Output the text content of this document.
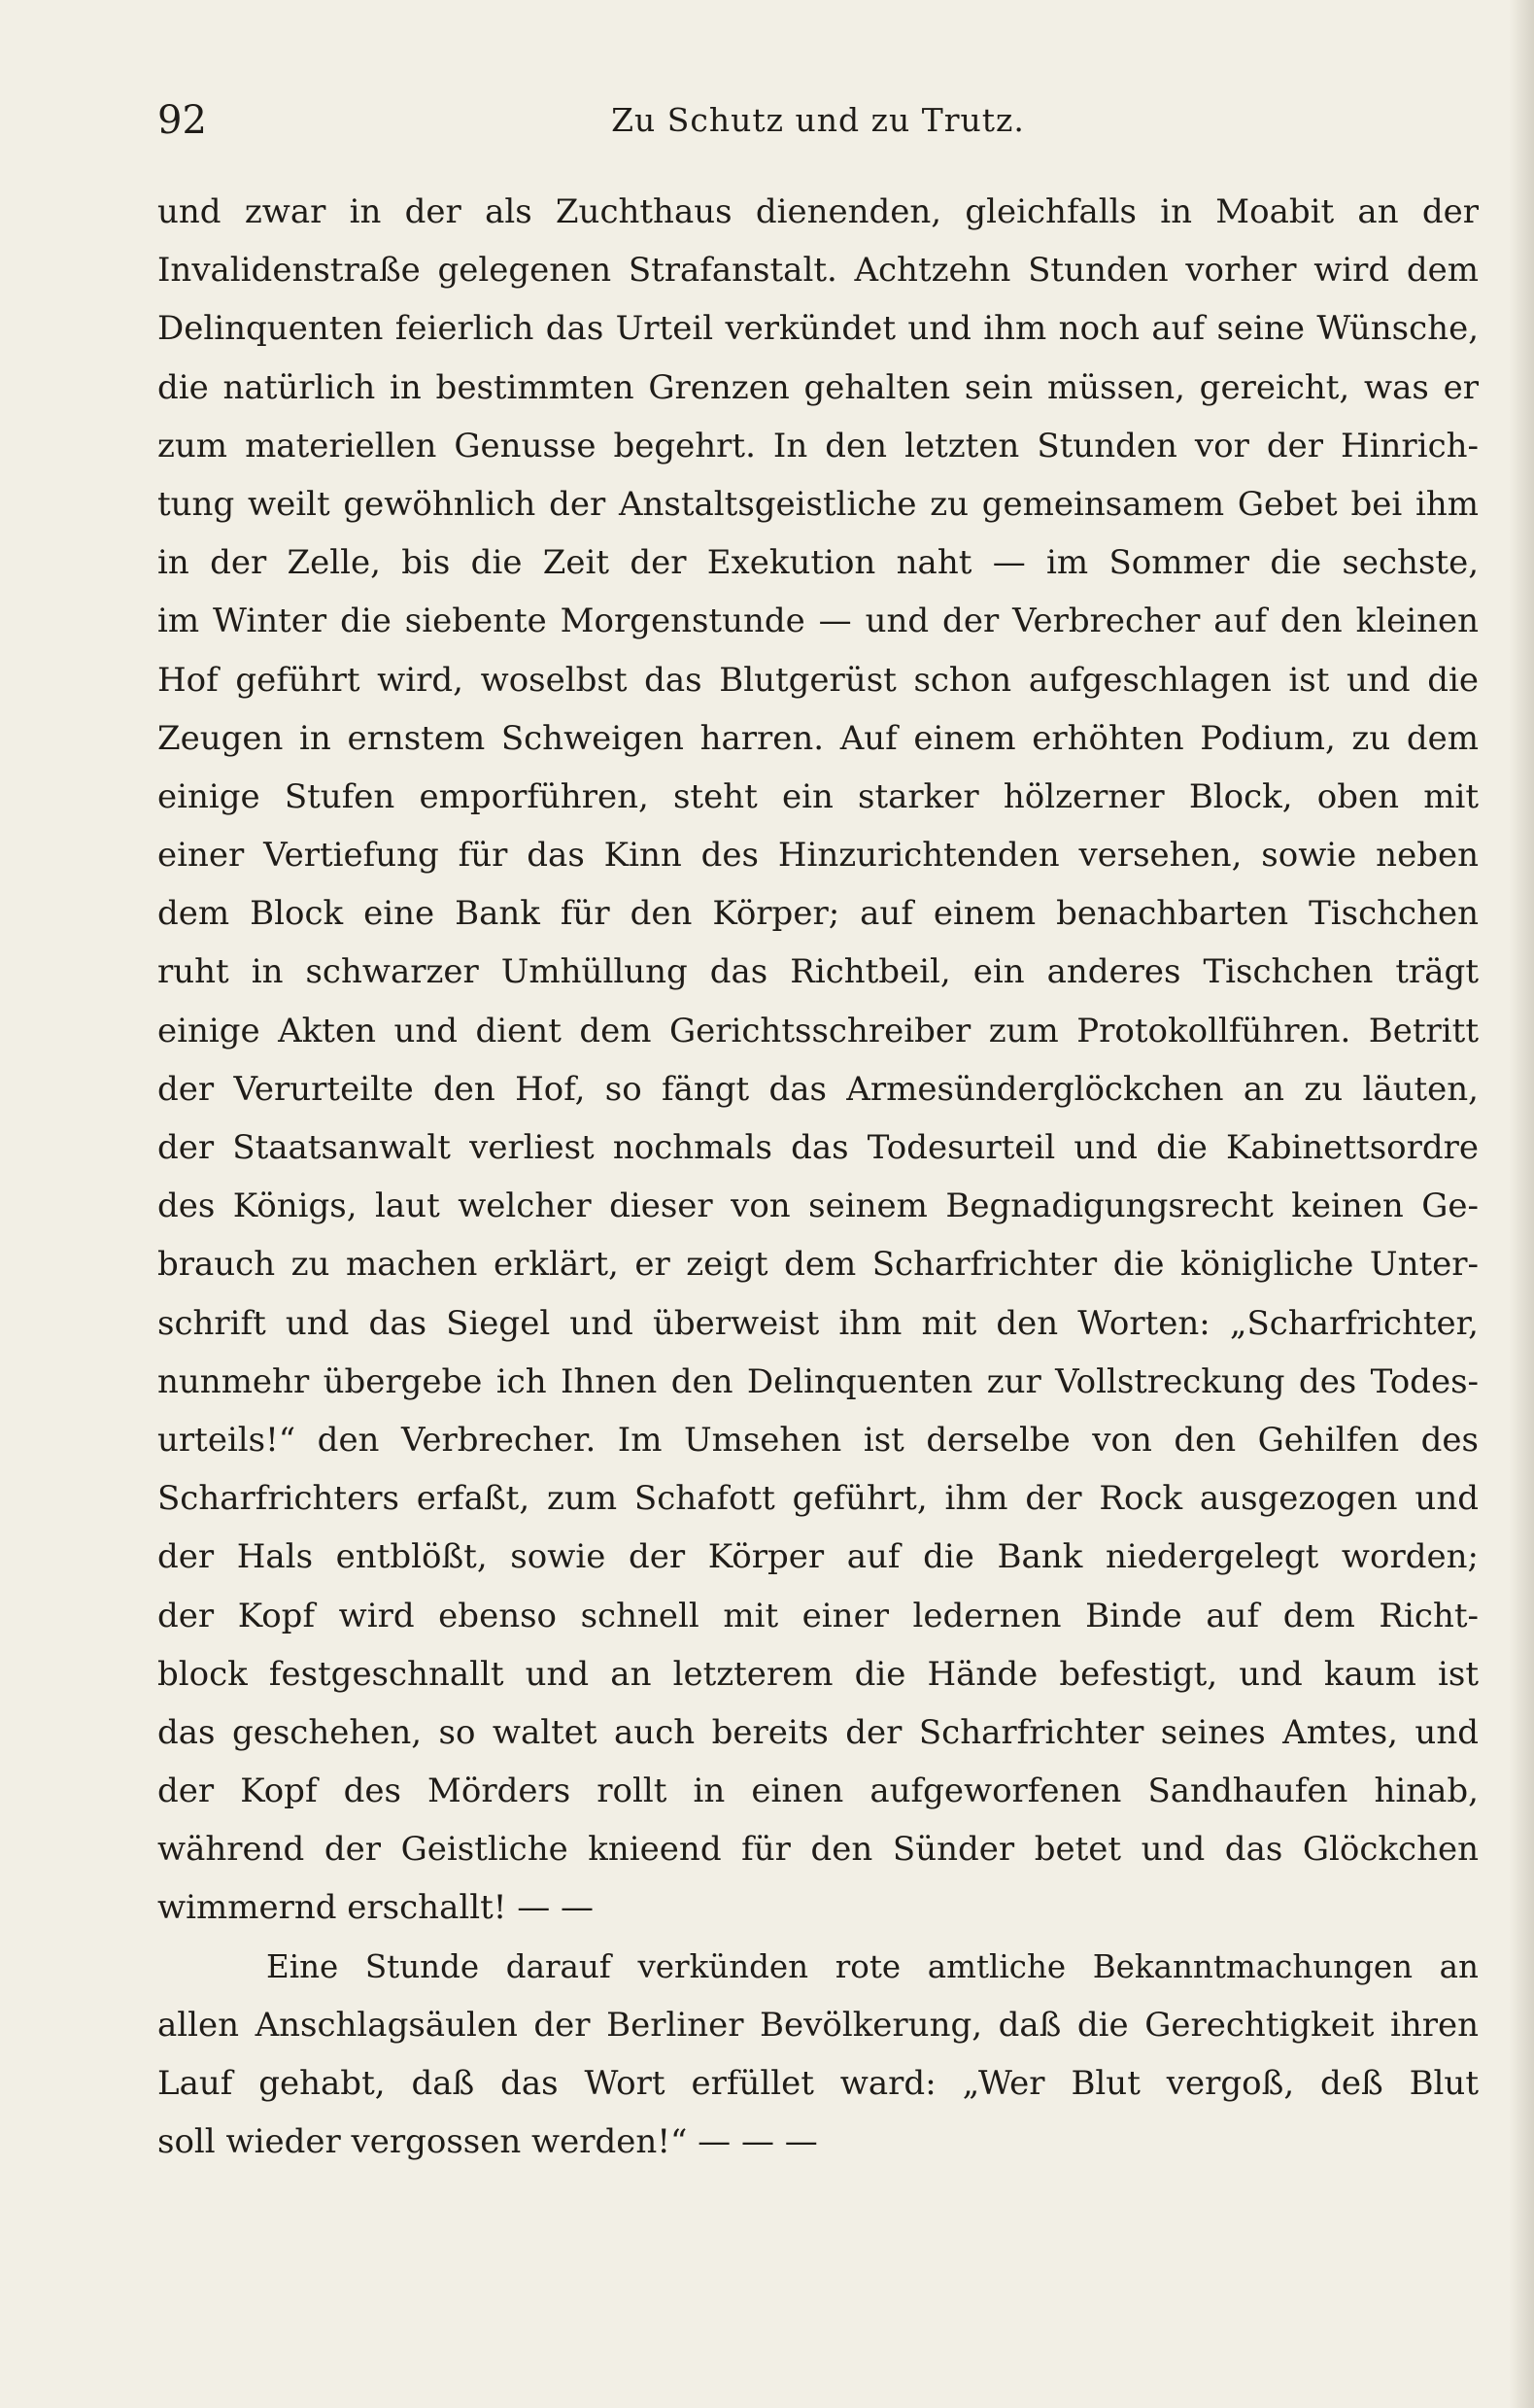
92	Zu Schutz und zu Trutz.
und zwar in der als Zuchthaus dienenden, gleichfalls in Moabit an der
Invalidenstraße gelegenen Strafanstalt. Achtzehn Stunden vorher wird dem
Delinquenten feierlich das Urteil verkündet und ihm noch auf seine Wünsche,
die natürlich in bestimmten Grenzen gehalten sein müssen, gereicht, was er
zum materiellen Genusse begehrt. In den letzten Stunden vor der Hinrich-
tung weilt gewöhnlich der Anstaltsgeistliche zu gemeinsamem Gebet bei ihm
in der Zelle, bis die Zeit der Exekution naht — im Sommer die sechste,
im Winter die siebente Morgenstunde — und der Verbrecher auf den kleinen
Hof geführt wird, woselbst das Blutgerüst schon aufgeschlagen ist und die
Zeugen in ernstem Schweigen harren. Auf einem erhöhten Podium, zu dem
einige Stufen emporführen, steht ein starker hölzerner Block, oben mit
einer Vertiefung für das Kinn des Hinzurichtenden versehen, sowie neben
dem Block eine Bank für den Körper; auf einem benachbarten Tischchen
ruht in schwarzer Umhüllung das Richtbeil, ein anderes Tischchen trägt
einige Akten und dient dem Gerichtsschreiber zum Protokollführen. Betritt
der Verurteilte den Hof, so fängt das Armesünderglöckchen an zu läuten,
der Staatsanwalt verliest nochmals das Todesurteil und die Kabinettsordre
des Königs, laut welcher dieser von seinem Begnadigungsrecht keinen Ge-
brauch zu machen erklärt, er zeigt dem Scharfrichter die königliche Unter-
schrift und das Siegel und überweist ihm mit den Worten: „Scharfrichter,
nunmehr übergebe ich Ihnen den Delinquenten zur Vollstreckung des Todes-
urteils!“ den Verbrecher. Im Umsehen ist derselbe von den Gehilfen des
Scharfrichters erfaßt, zum Schafott geführt, ihm der Rock ausgezogen und
der Hals entblößt, sowie der Körper auf die Bank niedergelegt worden;
der Kopf wird ebenso schnell mit einer ledernen Binde auf dem Richt-
block festgeschnallt und an letzterem die Hände befestigt, und kaum ist
das geschehen, so waltet auch bereits der Scharfrichter seines Amtes, und
der Kopf des Mörders rollt in einen aufgeworfenen Sandhaufen hinab,
während der Geistliche knieend für den Sünder betet und das Glöckchen
wimmernd erschallt! — —
Eine Stunde darauf verkünden rote amtliche Bekanntmachungen an
allen Anschlagsäulen der Berliner Bevölkerung, daß die Gerechtigkeit ihren
Lauf gehabt, daß das Wort erfüllet ward: „Wer Blut vergoß, deß Blut
soll wieder vergossen werden!“ — — —
